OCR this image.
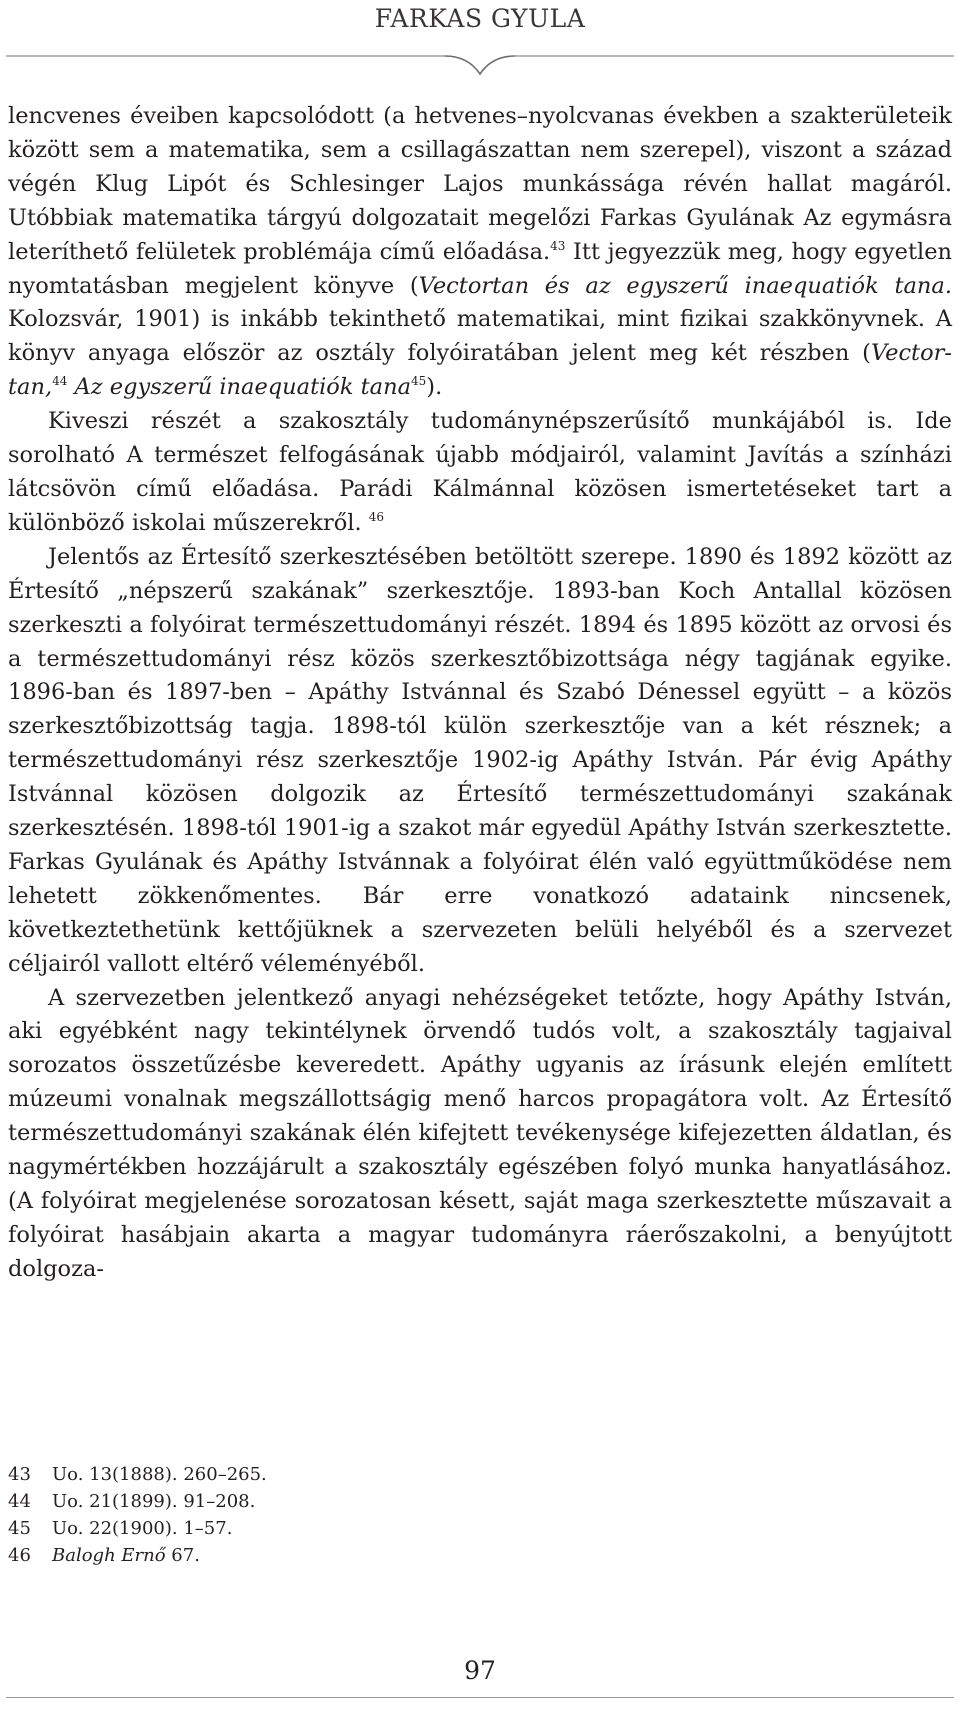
FARKAS GYULA

lencvenes éveiben kapcsolódott (a hetvenes–nyolcvanas években a szakterületeik között sem a matematika, sem a csillagászattan nem szerepel), viszont a század végén Klug Lipót és Schlesinger Lajos munkássága révén hallat magáról. Utóbbiak matematika tárgyú dolgozatait megelőzi Farkas Gyulának Az egymásra leteríthető felületek problémája című előadása.$^{43}$ Itt jegyezzük meg, hogy egyetlen nyomtatásban megjelent könyve (Vectortan és az egyszerű inaequatiók tana. Kolozsvár, 1901) is inkább tekinthető matematikai, mint fizikai szakkönyvnek. A könyv anyaga először az osztály folyóiratában jelent meg két részben (Vector-tan,$^{44}$ Az egyszerű inaequatiók tana$^{45}$).

Kiveszi részét a szakosztály tudománynépszerűsítő munkájából is. Ide sorolható A természet felfogásának újabb módjairól, valamint Javítás a színházi látcsövön című előadása. Parádi Kálmánnal közösen ismertetéseket tart a különböző iskolai műszerekről. $^{46}$

Jelentős az Értesítő szerkesztésében betöltött szerepe. 1890 és 1892 között az Értesítő „népszerű szakának” szerkesztője. 1893-ban Koch Antallal közösen szerkeszti a folyóirat természettudományi részét. 1894 és 1895 között az orvosi és a természettudományi rész közös szerkesztőbizottsága négy tagjának egyike. 1896-ban és 1897-ben – Apáthy Istvánnal és Szabó Dénessel együtt – a közös szerkesztőbizottság tagja. 1898-tól külön szerkesztője van a két résznek; a természettudományi rész szerkesztője 1902-ig Apáthy István. Pár évig Apáthy Istvánnal közösen dolgozik az Értesítő természettudományi szakának szerkesztésén. 1898-tól 1901-ig a szakot már egyedül Apáthy István szerkesztette. Farkas Gyulának és Apáthy Istvánnak a folyóirat élén való együttműködése nem lehetett zökkenőmentes. Bár erre vonatkozó adataink nincsenek, következtethetünk kettőjüknek a szervezeten belüli helyéből és a szervezet céljairól vallott eltérő véleményéből.

A szervezetben jelentkező anyagi nehézségeket tetőzte, hogy Apáthy István, aki egyébként nagy tekintélynek örvendő tudós volt, a szakosztály tagjaival sorozatos összetűzésbe keveredett. Apáthy ugyanis az írásunk elején említett múzeumi vonalnak megszállottságig menő harcos propagátora volt. Az Értesítő természettudományi szakának élén kifejtett tevékenysége kifejezetten áldatlan, és nagymértékben hozzájárult a szakosztály egészében folyó munka hanyatlásához. (A folyóirat megjelenése sorozatosan késett, saját maga szerkesztette műszavait a folyóirat hasábjain akarta a magyar tudományra ráerőszakolni, a benyújtott dolgoza-

43	Uo. 13(1888). 260–265.
44	Uo. 21(1899). 91–208.
45	Uo. 22(1900). 1–57.
46	Balogh Ernő 67.
97
